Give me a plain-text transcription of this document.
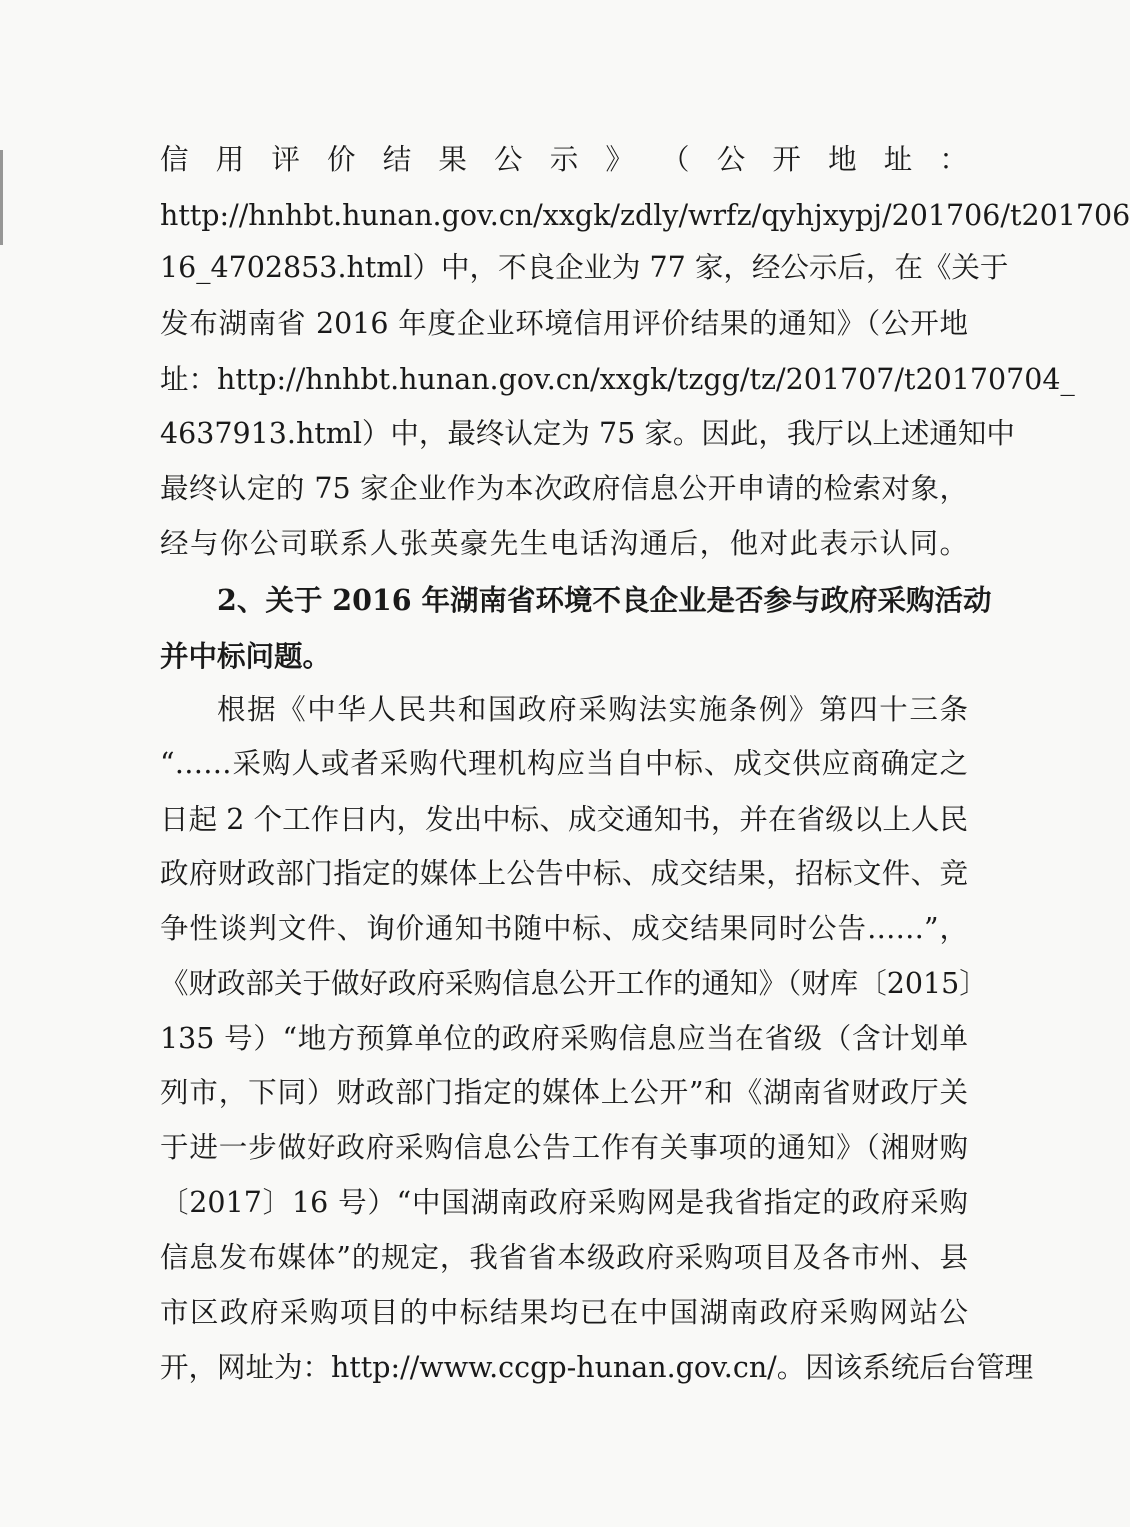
信 用 评 价 结 果 公 示 》 （ 公 开 地 址 ：
http://hnhbt.hunan.gov.cn/xxgk/zdly/wrfz/qyhjxypj/201706/t201706
16_4702853.html）中，不良企业为 77 家，经公示后，在《关于
发布湖南省 2016 年度企业环境信用评价结果的通知》（公开地
址：http://hnhbt.hunan.gov.cn/xxgk/tzgg/tz/201707/t20170704_
4637913.html）中，最终认定为 75 家。因此，我厅以上述通知中
最终认定的 75 家企业作为本次政府信息公开申请的检索对象，
经与你公司联系人张英豪先生电话沟通后，他对此表示认同。
2、关于 2016 年湖南省环境不良企业是否参与政府采购活动
并中标问题。
根据《中华人民共和国政府采购法实施条例》第四十三条
“……采购人或者采购代理机构应当自中标、成交供应商确定之
日起 2 个工作日内，发出中标、成交通知书，并在省级以上人民
政府财政部门指定的媒体上公告中标、成交结果，招标文件、竞
争性谈判文件、询价通知书随中标、成交结果同时公告……”，
《财政部关于做好政府采购信息公开工作的通知》（财库〔2015〕
135 号）“地方预算单位的政府采购信息应当在省级（含计划单
列市，下同）财政部门指定的媒体上公开”和《湖南省财政厅关
于进一步做好政府采购信息公告工作有关事项的通知》（湘财购
〔2017〕16 号）“中国湖南政府采购网是我省指定的政府采购
信息发布媒体”的规定，我省省本级政府采购项目及各市州、县
市区政府采购项目的中标结果均已在中国湖南政府采购网站公
开，网址为：http://www.ccgp-hunan.gov.cn/。因该系统后台管理
